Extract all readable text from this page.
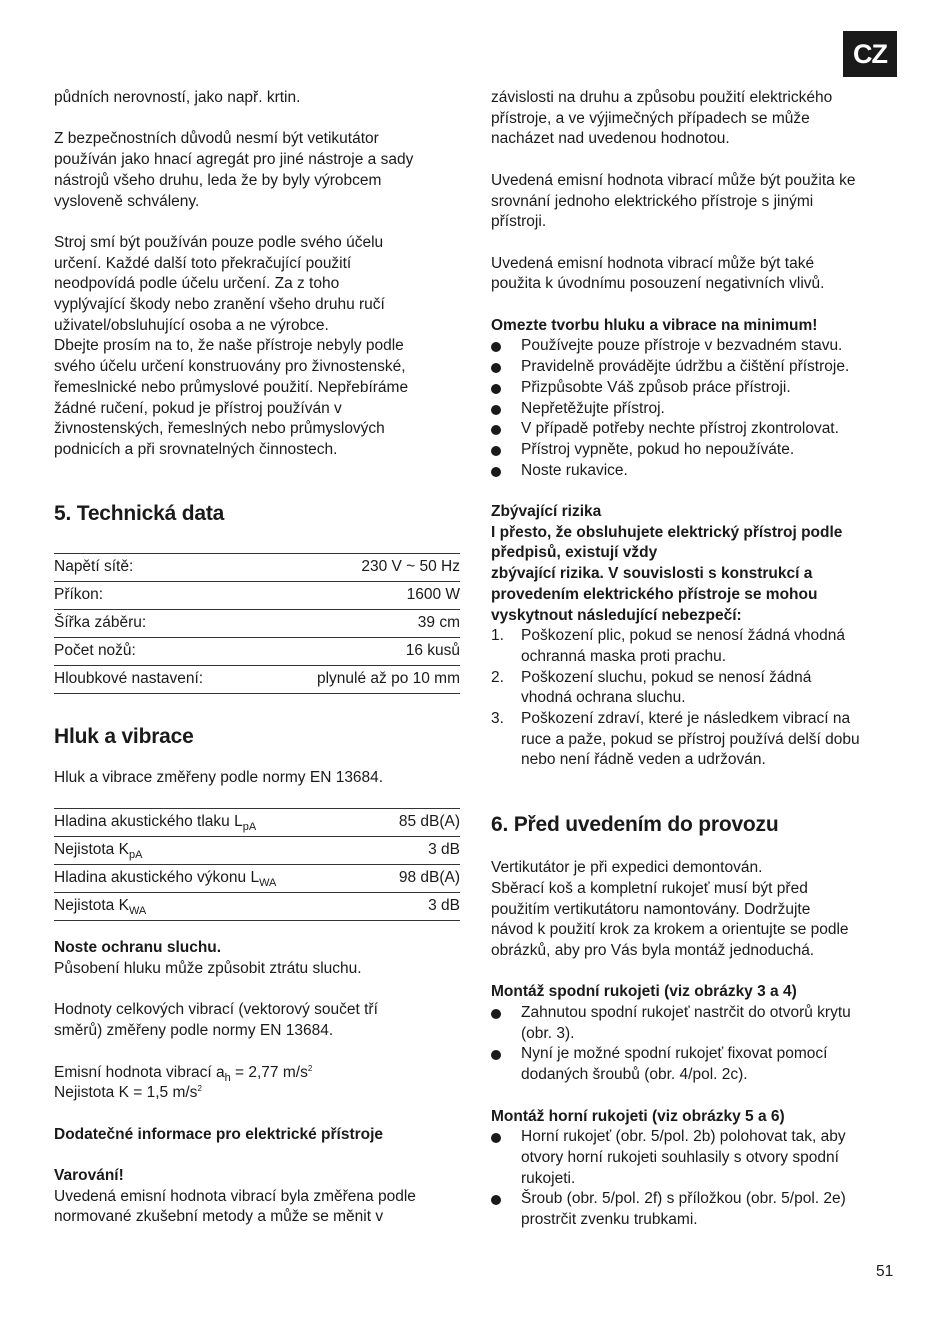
CZ
půdních nerovností, jako např. krtin.
Z bezpečnostních důvodů nesmí být vetikutátor
používán jako hnací agregát pro jiné nástroje a sady
nástrojů všeho druhu, leda že by byly výrobcem
vysloveně schváleny.
Stroj smí být používán pouze podle svého účelu
určení. Každé další toto překračující použití
neodpovídá podle účelu určení. Za z toho
vyplývající škody nebo zranění všeho druhu ručí
uživatel/obsluhující osoba a ne výrobce.
Dbejte prosím na to, že naše přístroje nebyly podle
svého účelu určení konstruovány pro živnostenské,
řemeslnické nebo průmyslové použití. Nepřebíráme
žádné ručení, pokud je přístroj používán v
živnostenských, řemeslných nebo průmyslových
podnicích a při srovnatelných činnostech.
5. Technická data
Napětí sítě:	230 V ~ 50 Hz
Příkon:	1600 W
Šířka záběru:	39 cm
Počet nožů:	16 kusů
Hloubkové nastavení:	plynulé až po 10 mm
Hluk a vibrace
Hluk a vibrace změřeny podle normy EN 13684.
Hladina akustického tlaku $L_{pA}$	85 dB(A)
Nejistota $K_{pA}$	3 dB
Hladina akustického výkonu $L_{WA}$	98 dB(A)
Nejistota $K_{WA}$	3 dB
Noste ochranu sluchu.
Působení hluku může způsobit ztrátu sluchu.
Hodnoty celkových vibrací (vektorový součet tří
směrů) změřeny podle normy EN 13684.
Emisní hodnota vibrací $a_h = 2,77$ $m/s^2$
Nejistota K = 1,5 $m/s^2$
Dodatečné informace pro elektrické přístroje
Varování!
Uvedená emisní hodnota vibrací byla změřena podle
normované zkušební metody a může se měnit v
závislosti na druhu a způsobu použití elektrického
přístroje, a ve výjimečných případech se může
nacházet nad uvedenou hodnotou.
Uvedená emisní hodnota vibrací může být použita ke
srovnání jednoho elektrického přístroje s jinými
přístroji.
Uvedená emisní hodnota vibrací může být také
použita k úvodnímu posouzení negativních vlivů.
Omezte tvorbu hluku a vibrace na minimum!
Používejte pouze přístroje v bezvadném stavu.
Pravidelně provádějte údržbu a čištění přístroje.
Přizpůsobte Váš způsob práce přístroji.
Nepřetěžujte přístroj.
V případě potřeby nechte přístroj zkontrolovat.
Přístroj vypněte, pokud ho nepoužíváte.
Noste rukavice.
Zbývající rizika
I přesto, že obsluhujete elektrický přístroj podle
předpisů, existují vždy
zbývající rizika. V souvislosti s konstrukcí a
provedením elektrického přístroje se mohou
vyskytnout následující nebezpečí:
1. Poškození plic, pokud se nenosí žádná vhodná
ochranná maska proti prachu.
2. Poškození sluchu, pokud se nenosí žádná
vhodná ochrana sluchu.
3. Poškození zdraví, které je následkem vibrací na
ruce a paže, pokud se přístroj používá delší dobu
nebo není řádně veden a udržován.
6. Před uvedením do provozu
Vertikutátor je při expedici demontován.
Sběrací koš a kompletní rukojeť musí být před
použitím vertikutátoru namontovány. Dodržujte
návod k použití krok za krokem a orientujte se podle
obrázků, aby pro Vás byla montáž jednoduchá.
Montáž spodní rukojeti (viz obrázky 3 a 4)
Zahnutou spodní rukojeť nastrčit do otvorů krytu
(obr. 3).
Nyní je možné spodní rukojeť fixovat pomocí
dodaných šroubů (obr. 4/pol. 2c).
Montáž horní rukojeti (viz obrázky 5 a 6)
Horní rukojeť (obr. 5/pol. 2b) polohovat tak, aby
otvory horní rukojeti souhlasily s otvory spodní
rukojeti.
Šroub (obr. 5/pol. 2f) s příložkou (obr. 5/pol. 2e)
prostrčit zvenku trubkami.
51
